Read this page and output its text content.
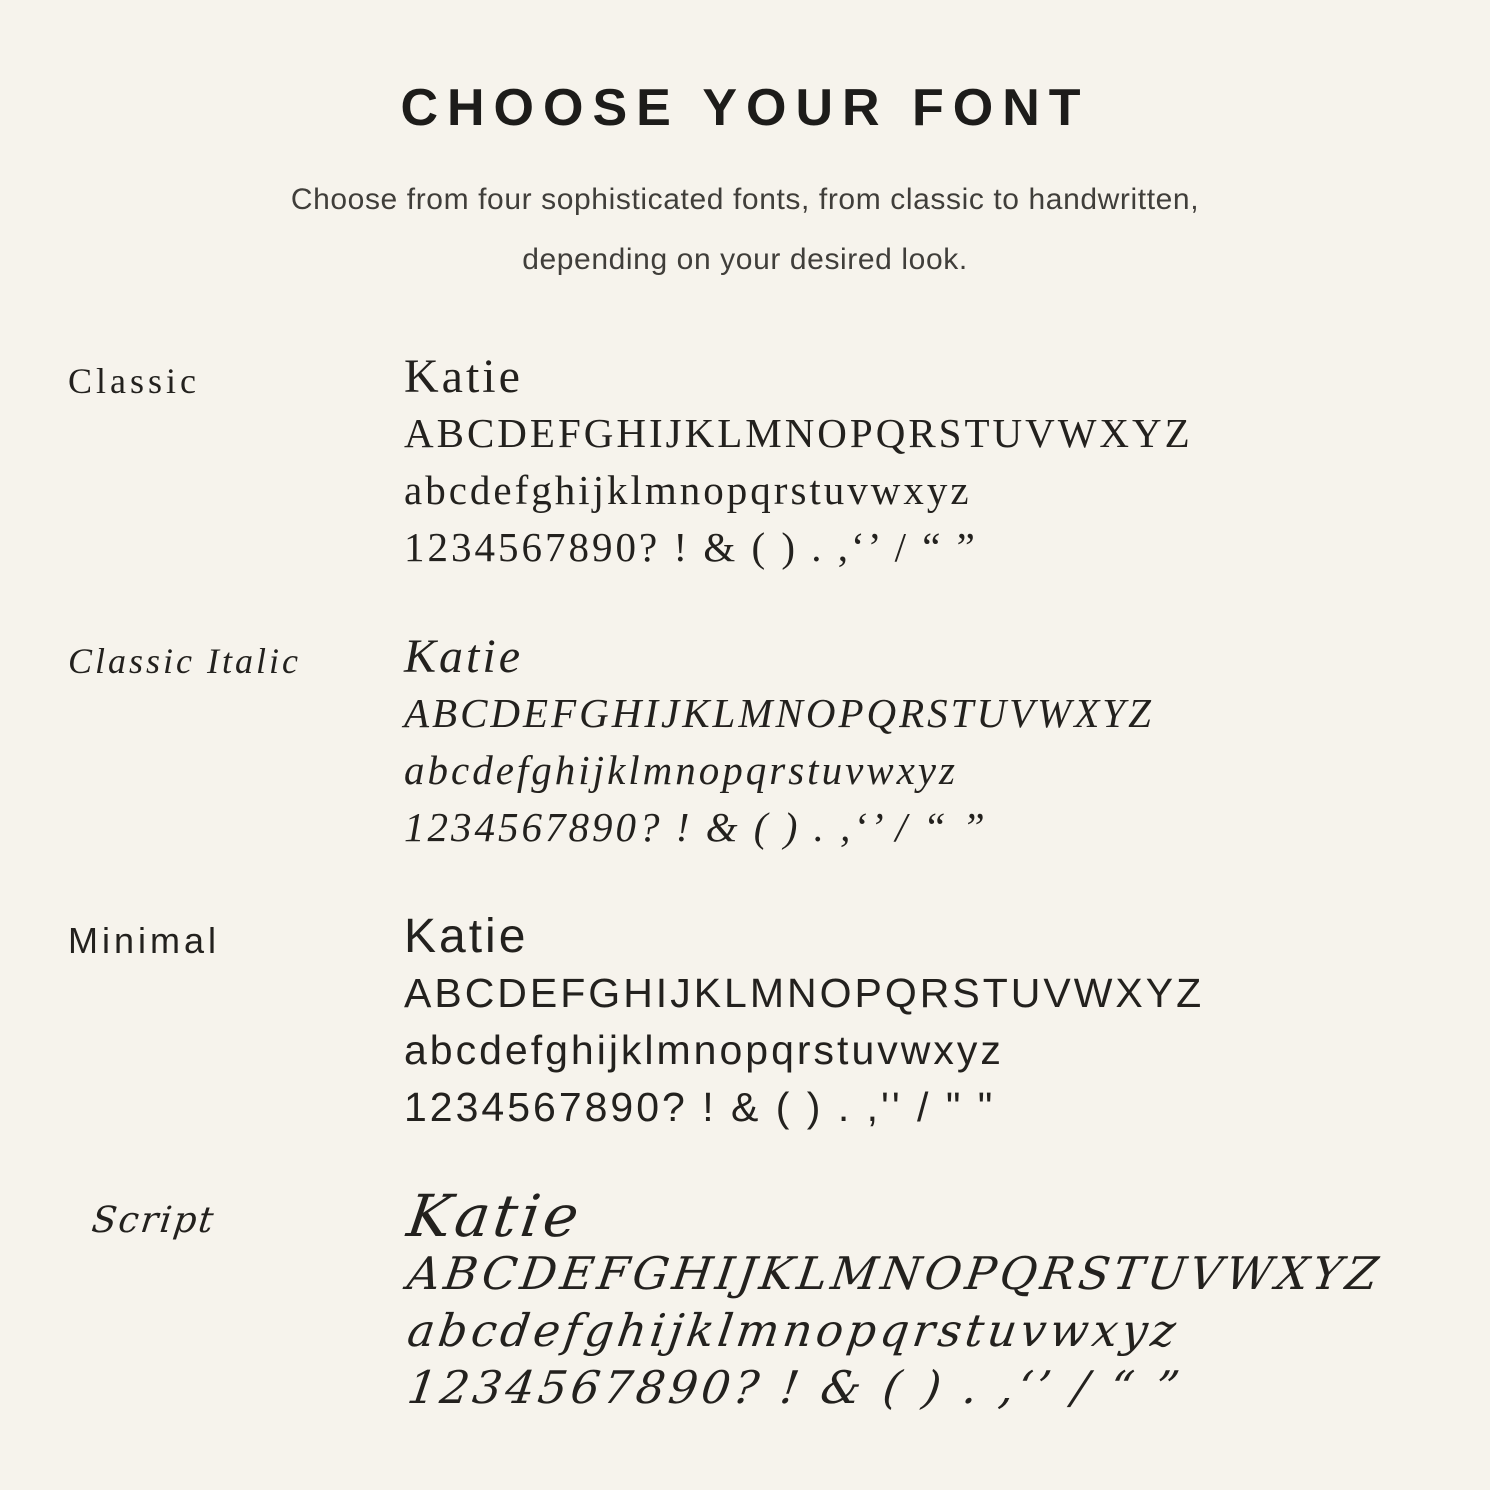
CHOOSE YOUR FONT
Choose from four sophisticated fonts, from classic to handwritten,
depending on your desired look.
Classic	Katie
ABCDEFGHIJKLMNOPQRSTUVWXYZ
abcdefghijklmnopqrstuvwxyz
1234567890? ! & ( ) . ,‘’ / “ ”
Classic Italic	Katie
ABCDEFGHIJKLMNOPQRSTUVWXYZ
abcdefghijklmnopqrstuvwxyz
1234567890? ! & ( ) . ,‘’ / “ ”
Minimal	Katie
ABCDEFGHIJKLMNOPQRSTUVWXYZ
abcdefghijklmnopqrstuvwxyz
1234567890? ! & ( ) . ,'' / " "
Script	Katie
ABCDEFGHIJKLMNOPQRSTUVWXYZ
abcdefghijklmnopqrstuvwxyz
1234567890? ! & ( ) . ,‘’ / “ ”
